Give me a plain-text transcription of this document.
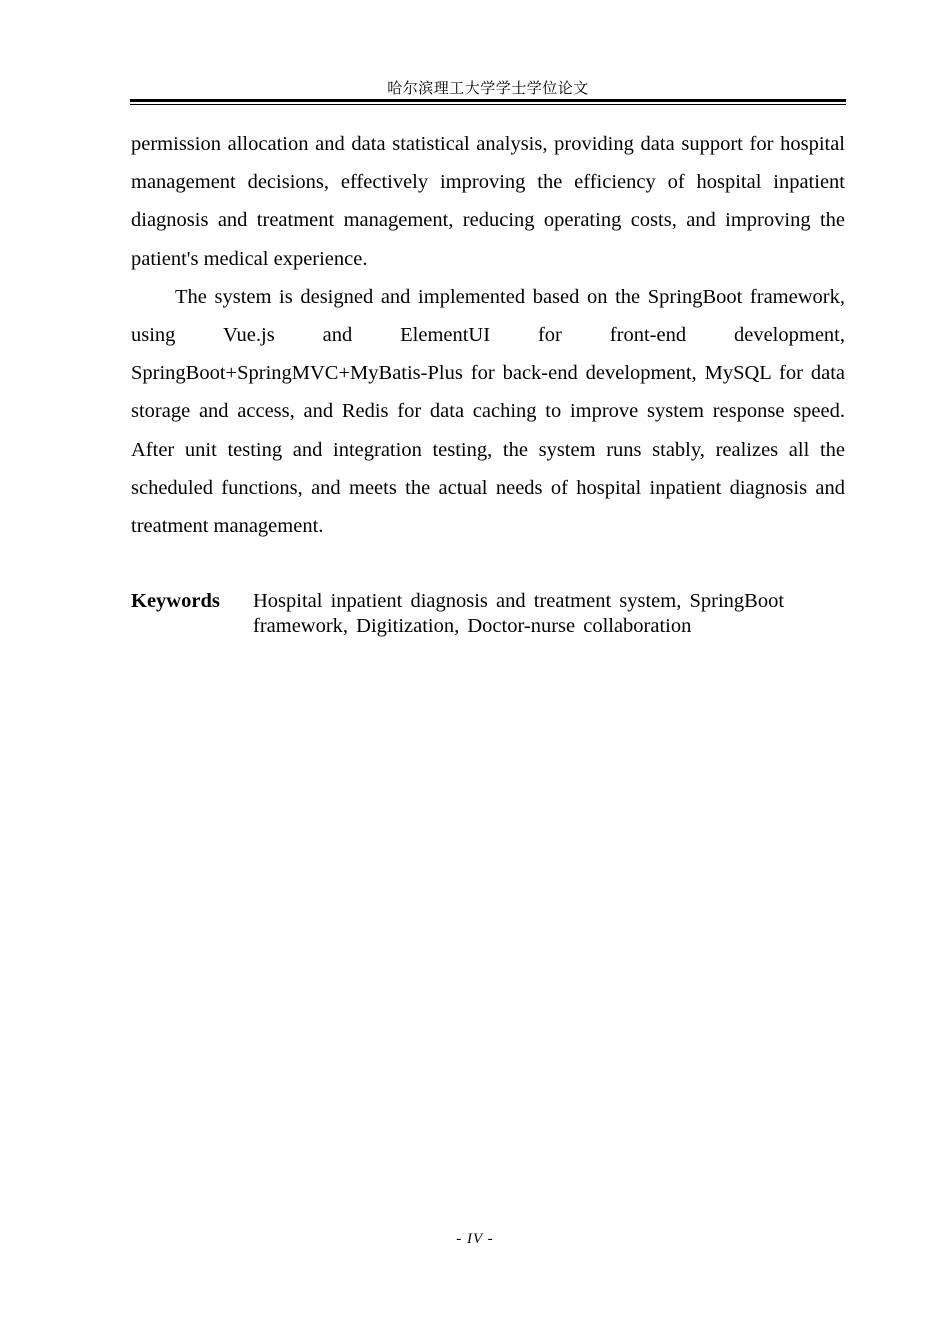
哈尔滨理工大学学士学位论文

permission allocation and data statistical analysis, providing data support for hospital management decisions, effectively improving the efficiency of hospital inpatient diagnosis and treatment management, reducing operating costs, and improving the patient's medical experience.

The system is designed and implemented based on the SpringBoot framework, using Vue.js and ElementUI for front-end development, SpringBoot+SpringMVC+MyBatis-Plus for back-end development, MySQL for data storage and access, and Redis for data caching to improve system response speed. After unit testing and integration testing, the system runs stably, realizes all the scheduled functions, and meets the actual needs of hospital inpatient diagnosis and treatment management.

Keywords	Hospital inpatient diagnosis and treatment system, SpringBoot framework, Digitization, Doctor-nurse collaboration
- IV -
